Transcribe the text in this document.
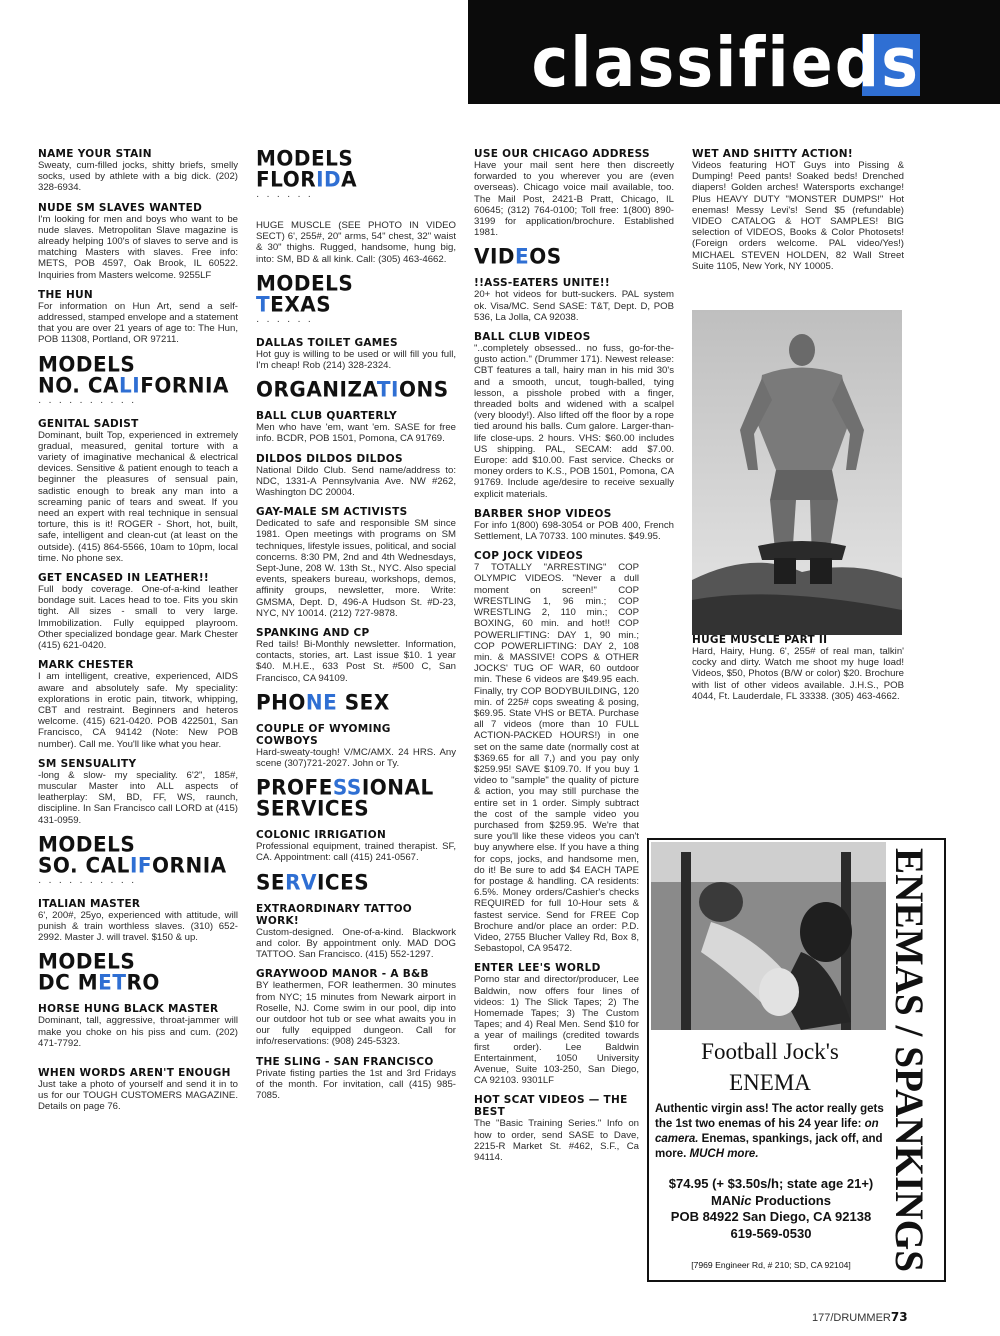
classifieds
NAME YOUR STAIN

Sweaty, cum-filled jocks, shitty briefs, smelly socks, used by athlete with a big dick. (202) 328-6934.

NUDE SM SLAVES WANTED

I'm looking for men and boys who want to be nude slaves. Metropolitan Slave magazine is already helping 100's of slaves to serve and is matching Masters with slaves. Free info: METS, POB 4597, Oak Brook, IL 60522. Inquiries from Masters welcome. 9255LF

THE HUN

For information on Hun Art, send a self-addressed, stamped envelope and a statement that you are over 21 years of age to: The Hun, POB 11308, Portland, OR 97211.

MODELS
NO. CALIFORNIA
··········
GENITAL SADIST

Dominant, built Top, experienced in extremely gradual, measured, genital torture with a variety of imaginative mechanical & electrical devices. Sensitive & patient enough to teach a beginner the pleasures of sensual pain, sadistic enough to break any man into a screaming panic of tears and sweat. If you need an expert with real technique in sensual torture, this is it! ROGER - Short, hot, built, safe, intelligent and clean-cut (at least on the outside). (415) 864-5566, 10am to 10pm, local time. No phone sex.

GET ENCASED IN LEATHER!!

Full body coverage. One-of-a-kind leather bondage suit. Laces head to toe. Fits you skin tight. All sizes - small to very large. Immobilization. Fully equipped playroom. Other specialized bondage gear. Mark Chester (415) 621-0420.

MARK CHESTER

I am intelligent, creative, experienced, AIDS aware and absolutely safe. My speciality: explorations in erotic pain, titwork, whipping, CBT and restraint. Beginners and heteros welcome. (415) 621-0420. POB 422501, San Francisco, CA 94142 (Note: New POB number). Call me. You'll like what you hear.

SM SENSUALITY

-long & slow- my speciality. 6'2", 185#, muscular Master into ALL aspects of leatherplay: SM, BD, FF, WS, raunch, discipline. In San Francisco call LORD at (415) 431-0959.

MODELS
SO. CALIFORNIA
··········
ITALIAN MASTER

6', 200#, 25yo, experienced with attitude, will punish & train worthless slaves. (310) 652-2992. Master J. will travel. $150 & up.

MODELS
DC METRO
HORSE HUNG BLACK MASTER

Dominant, tall, aggressive, throat-jammer will make you choke on his piss and cum. (202) 471-7792.

WHEN WORDS AREN'T ENOUGH

Just take a photo of yourself and send it in to us for our TOUGH CUSTOMERS MAGAZINE. Details on page 76.

MODELS
FLORIDA
······

HUGE MUSCLE (SEE PHOTO IN VIDEO SECT) 6', 255#, 20" arms, 54" chest, 32" waist & 30" thighs. Rugged, handsome, hung big, into: SM, BD & all kink. Call: (305) 463-4662.

MODELS
TEXAS
······
DALLAS TOILET GAMES

Hot guy is willing to be used or will fill you full, I'm cheap! Rob (214) 328-2324.

ORGANIZATIONS
BALL CLUB QUARTERLY

Men who have 'em, want 'em. SASE for free info. BCDR, POB 1501, Pomona, CA 91769.

DILDOS DILDOS DILDOS

National Dildo Club. Send name/address to: NDC, 1331-A Pennsylvania Ave. NW #262, Washington DC 20004.

GAY-MALE SM ACTIVISTS

Dedicated to safe and responsible SM since 1981. Open meetings with programs on SM techniques, lifestyle issues, political, and social concerns. 8:30 PM, 2nd and 4th Wednesdays, Sept-June, 208 W. 13th St., NYC. Also special events, speakers bureau, workshops, demos, affinity groups, newsletter, more. Write: GMSMA, Dept. D, 496-A Hudson St. #D-23, NYC, NY 10014. (212) 727-9878.

SPANKING AND CP

Red tails! Bi-Monthly newsletter. Information, contacts, stories, art. Last issue $10. 1 year $40. M.H.E., 633 Post St. #500 C, San Francisco, CA 94109.

PHONE SEX
COUPLE OF WYOMING COWBOYS

Hard-sweaty-tough! V/MC/AMX. 24 HRS. Any scene (307)721-2027. John or Ty.

PROFESSIONAL
SERVICES
COLONIC IRRIGATION

Professional equipment, trained therapist. SF, CA. Appointment: call (415) 241-0567.

SERVICES
EXTRAORDINARY TATTOO WORK!

Custom-designed. One-of-a-kind. Blackwork and color. By appointment only. MAD DOG TATTOO. San Francisco. (415) 552-1297.

GRAYWOOD MANOR - A B&B

BY leathermen, FOR leathermen. 30 minutes from NYC; 15 minutes from Newark airport in Roselle, NJ. Come swim in our pool, dip into our outdoor hot tub or see what awaits you in our fully equipped dungeon. Call for info/reservations: (908) 245-5323.

THE SLING - SAN FRANCISCO

Private fisting parties the 1st and 3rd Fridays of the month. For invitation, call (415) 985-7085.

USE OUR CHICAGO ADDRESS

Have your mail sent here then discreetly forwarded to you wherever you are (even overseas). Chicago voice mail available, too. The Mail Post, 2421-B Pratt, Chicago, IL 60645; (312) 764-0100; Toll free: 1(800) 890-3199 for application/brochure. Established 1981.

VIDEOS
!!ASS-EATERS UNITE!!

20+ hot videos for butt-suckers. PAL system ok. Visa/MC. Send SASE: T&T, Dept. D, POB 536, La Jolla, CA 92038.

BALL CLUB VIDEOS

"..completely obsessed.. no fuss, go-for-the-gusto action." (Drummer 171). Newest release: CBT features a tall, hairy man in his mid 30's and a smooth, uncut, tough-balled, tying lesson, a pisshole probed with a finger, threaded bolts and widened with a scalpel (very bloody!). Also lifted off the floor by a rope tied around his balls. Cum galore. Larger-than-life close-ups. 2 hours. VHS: $60.00 includes US shipping. PAL, SECAM: add $7.00. Europe: add $10.00. Fast service. Checks or money orders to K.S., POB 1501, Pomona, CA 91769. Include age/desire to receive sexually explicit materials.

BARBER SHOP VIDEOS

For info 1(800) 698-3054 or POB 400, French Settlement, LA 70733. 100 minutes. $49.95.

COP JOCK VIDEOS

7 TOTALLY "ARRESTING" COP OLYMPIC VIDEOS. "Never a dull moment on screen!" COP WRESTLING 1, 96 min.; COP WRESTLING 2, 110 min.; COP BOXING, 60 min. and hot!! COP POWERLIFTING: DAY 1, 90 min.; COP POWERLIFTING: DAY 2, 108 min. & MASSIVE! COPS & OTHER JOCKS' TUG OF WAR, 60 outdoor min. These 6 videos are $49.95 each. Finally, try COP BODYBUILDING, 120 min. of 225# cops sweating & posing, $69.95. State VHS or BETA. Purchase all 7 videos (more than 10 FULL ACTION-PACKED HOURS!) in one set on the same date (normally cost at $369.65 for all 7,) and you pay only $259.95! SAVE $109.70. If you buy 1 video to "sample" the quality of picture & action, you may still purchase the entire set in 1 order. Simply subtract the cost of the sample video you purchased from $259.95. We're that sure you'll like these videos you can't buy anywhere else. If you have a thing for cops, jocks, and handsome men, do it! Be sure to add $4 EACH TAPE for postage & handling. CA residents: 6.5%. Money orders/Cashier's checks REQUIRED for full 10-Hour sets & fastest service. Send for FREE Cop Brochure and/or place an order: P.D. Video, 2755 Blucher Valley Rd, Box 8, Sebastopol, CA 95472.

ENTER LEE'S WORLD

Porno star and director/producer, Lee Baldwin, now offers four lines of videos: 1) The Slick Tapes; 2) The Homemade Tapes; 3) The Custom Tapes; and 4) Real Men. Send $10 for a year of mailings (credited towards first order). Lee Baldwin Entertainment, 1050 University Avenue, Suite 103-250, San Diego, CA 92103. 9301LF

HOT SCAT VIDEOS — THE BEST

The "Basic Training Series." Info on how to order, send SASE to Dave, 2215-R Market St. #462, S.F., Ca 94114.

WET AND SHITTY ACTION!

Videos featuring HOT Guys into Pissing & Dumping! Peed pants! Soaked beds! Drenched diapers! Golden arches! Watersports exchange! Plus HEAVY DUTY "MONSTER DUMPS!" Hot enemas! Messy Levi's! Send $5 (refundable) VIDEO CATALOG & HOT SAMPLES! BIG selection of VIDEOS, Books & Color Photosets! (Foreign orders welcome. PAL video/Yes!) MICHAEL STEVEN HOLDEN, 82 Wall Street Suite 1105, New York, NY 10005.

HUGE MUSCLE PART II

Hard, Hairy, Hung. 6', 255# of real man, talkin' cocky and dirty. Watch me shoot my huge load! Videos, $50, Photos (B/W or color) $20. Brochure with list of other videos available. J.H.S., POB 4044, Ft. Lauderdale, FL 33338. (305) 463-4662.

ENEMAS / SPANKINGS
Football Jock's
ENEMA
Authentic virgin ass! The actor really gets the 1st two enemas of his 24 year life: on camera. Enemas, spankings, jack off, and more. MUCH more.
$74.95 (+ $3.50s/h; state age 21+)
MANic Productions
POB 84922 San Diego, CA 92138
619-569-0530
[7969 Engineer Rd, # 210; SD, CA 92104]
177/DRUMMER73
